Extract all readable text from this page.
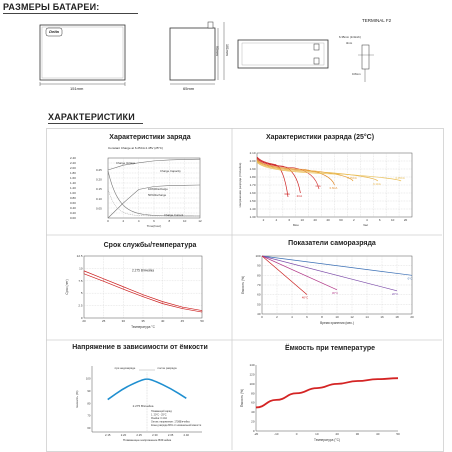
РАЗМЕРЫ БАТАРЕИ:
ХАРАКТЕРИСТИКИ
Delta
151mm	65mm
95mm 101mm
TERMINAL F2
6.35mm (1/4inch)
3mm
0.8mm
Характеристики заряда
Constant Charge at 6.25CA 2.45V (25°C)
0.00
0.20
0.40
0.60
0.80
1.00
1.20
1.40
1.60
1.80
2.00
2.20
2.40
0.05
0.10
0.15
0.20
0.25
0	2	4	6	8	10	12
Time(hour)
Charge Voltage
Charge Capacity
100%Discharge
50%Discharge
Charge Current
Характеристики разряда (25°С)
1.30
1.40
1.50
1.60
1.70
1.80
1.90
2.00
2.10
2	4	6	10	20	40	60	2	4	6	10	20
Мин	Час
Напряжение разряда (V/ячейка)	3CA 2CA
1CA	0.6CA
0.25CA
0.1CA
0.05CA
Срок службы/температура
0
2.5
5
7.5
10
12.5
20	25	30	35	40	45	50
Температура °C
Срок (лет)
2.275 В/ячейка
Показатели саморазряда
40
50
60
70
80
90
100
0	2	4	6	8	10	12	14	16	18	20
Время хранения (мес.)
Емкость (%)	0°C
20°C
30°C
40°C
Напряжение в зависимости от ёмкости
2.15	2.20	2.25	2.30	2.35	2.40
60
70
80
90
100
Плавающее напряжение В/Ячейка
Емкость (%)
при недозаряде	после разряда
2.275 В/ячейка
Плавающий заряд:
1. 20°С - 25°С
Ячейка: 0.1СА
Оптим. напряжение: 1700В/ячейка
Конец разряда 80% от номинальной ёмкости
Ёмкость при температуре
-20	-10	0	10	20	30	40	50
0
20
40
60
80
100
120
140
Температура (°С)
Ёмкость (%)
